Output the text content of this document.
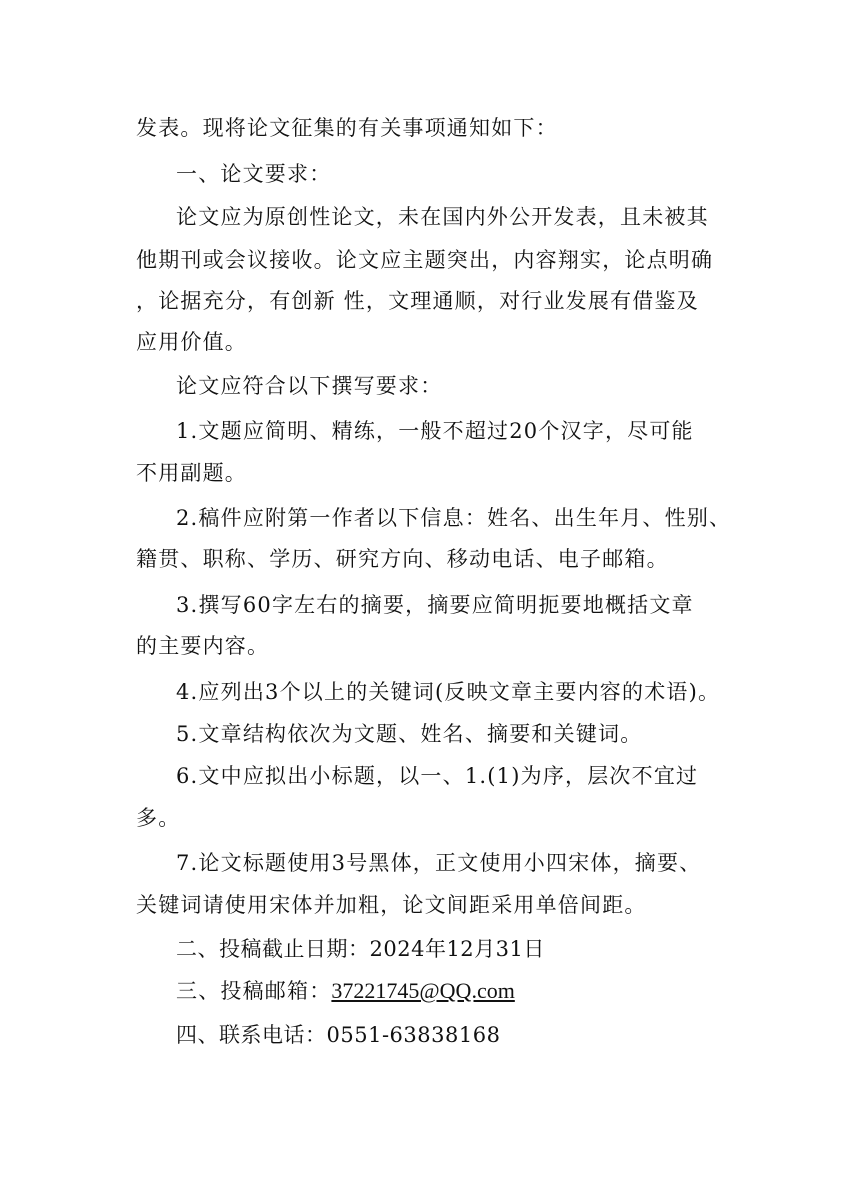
发表。现将论文征集的有关事项通知如下：
一、论文要求：
论文应为原创性论文，未在国内外公开发表，且未被其
他期刊或会议接收。论文应主题突出，内容翔实，论点明确
，论据充分，有创新 性，文理通顺，对行业发展有借鉴及
应用价值。
论文应符合以下撰写要求：
1.文题应简明、精练，一般不超过20个汉字，尽可能
不用副题。
2.稿件应附第一作者以下信息：姓名、出生年月、性别、
籍贯、职称、学历、研究方向、移动电话、电子邮箱。
3.撰写60字左右的摘要，摘要应简明扼要地概括文章
的主要内容。
4.应列出3个以上的关键词(反映文章主要内容的术语)。
5.文章结构依次为文题、姓名、摘要和关键词。
6.文中应拟出小标题，以一、1.(1)为序，层次不宜过
多。
7.论文标题使用3号黑体，正文使用小四宋体，摘要、
关键词请使用宋体并加粗，论文间距采用单倍间距。
二、投稿截止日期：2024年12月31日
三、投稿邮箱：37221745@QQ.com
四、联系电话：0551-63838168
